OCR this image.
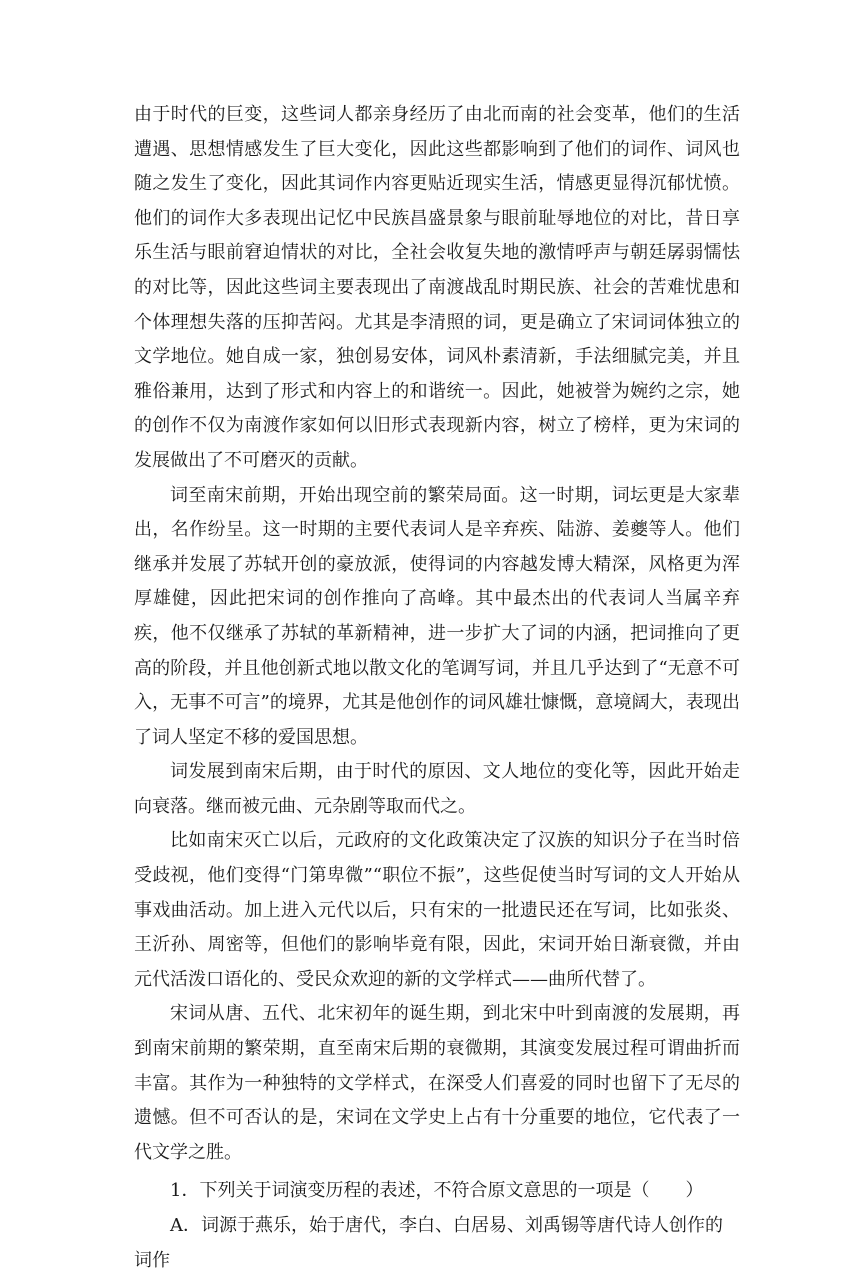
由于时代的巨变，这些词人都亲身经历了由北而南的社会变革，他们的生活遭遇、思想情感发生了巨大变化，因此这些都影响到了他们的词作、词风也随之发生了变化，因此其词作内容更贴近现实生活，情感更显得沉郁忧愤。他们的词作大多表现出记忆中民族昌盛景象与眼前耻辱地位的对比，昔日享乐生活与眼前窘迫情状的对比，全社会收复失地的激情呼声与朝廷孱弱懦怯的对比等，因此这些词主要表现出了南渡战乱时期民族、社会的苦难忧患和个体理想失落的压抑苦闷。尤其是李清照的词，更是确立了宋词词体独立的文学地位。她自成一家，独创易安体，词风朴素清新，手法细腻完美，并且雅俗兼用，达到了形式和内容上的和谐统一。因此，她被誉为婉约之宗，她的创作不仅为南渡作家如何以旧形式表现新内容，树立了榜样，更为宋词的发展做出了不可磨灭的贡献。

词至南宋前期，开始出现空前的繁荣局面。这一时期，词坛更是大家辈出，名作纷呈。这一时期的主要代表词人是辛弃疾、陆游、姜夔等人。他们继承并发展了苏轼开创的豪放派，使得词的内容越发博大精深，风格更为浑厚雄健，因此把宋词的创作推向了高峰。其中最杰出的代表词人当属辛弃疾，他不仅继承了苏轼的革新精神，进一步扩大了词的内涵，把词推向了更高的阶段，并且他创新式地以散文化的笔调写词，并且几乎达到了“无意不可入，无事不可言”的境界，尤其是他创作的词风雄壮慷慨，意境阔大，表现出了词人坚定不移的爱国思想。

词发展到南宋后期，由于时代的原因、文人地位的变化等，因此开始走向衰落。继而被元曲、元杂剧等取而代之。

比如南宋灭亡以后，元政府的文化政策决定了汉族的知识分子在当时倍受歧视，他们变得“门第卑微”“职位不振”，这些促使当时写词的文人开始从事戏曲活动。加上进入元代以后，只有宋的一批遗民还在写词，比如张炎、王沂孙、周密等，但他们的影响毕竟有限，因此，宋词开始日渐衰微，并由元代活泼口语化的、受民众欢迎的新的文学样式——曲所代替了。

宋词从唐、五代、北宋初年的诞生期，到北宋中叶到南渡的发展期，再到南宋前期的繁荣期，直至南宋后期的衰微期，其演变发展过程可谓曲折而丰富。其作为一种独特的文学样式，在深受人们喜爱的同时也留下了无尽的遗憾。但不可否认的是，宋词在文学史上占有十分重要的地位，它代表了一代文学之胜。

1．下列关于词演变历程的表述，不符合原文意思的一项是（　　）

A．词源于燕乐，始于唐代，李白、白居易、刘禹锡等唐代诗人创作的词作
